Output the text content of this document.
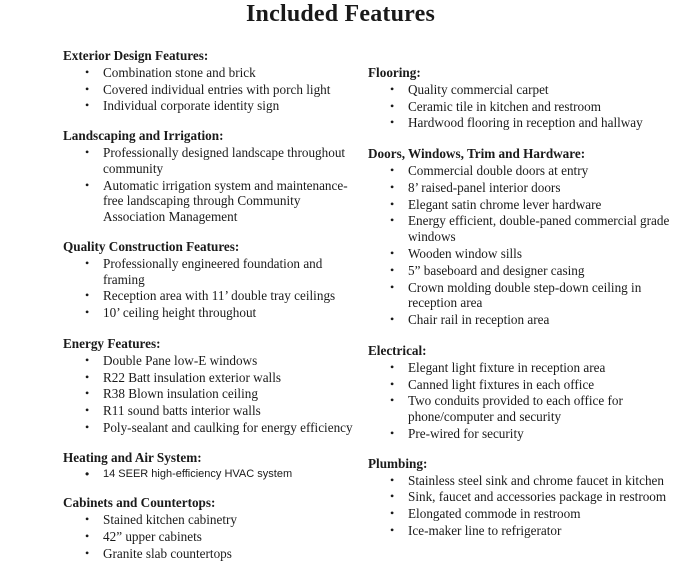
Included Features
Exterior Design Features:
• Combination stone and brick
• Covered individual entries with porch light
• Individual corporate identity sign
Landscaping and Irrigation:
• Professionally designed landscape throughout community
• Automatic irrigation system and maintenance-free landscaping through Community Association Management
Quality Construction Features:
• Professionally engineered foundation and framing
• Reception area with 11’ double tray ceilings
• 10’ ceiling height throughout
Energy Features:
• Double Pane low-E windows
• R22 Batt insulation exterior walls
• R38 Blown insulation ceiling
• R11 sound batts interior walls
• Poly-sealant and caulking for energy efficiency
Heating and Air System:
• 14 SEER high-efficiency HVAC system
Cabinets and Countertops:
• Stained kitchen cabinetry
• 42” upper cabinets
• Granite slab countertops
Flooring:
• Quality commercial carpet
• Ceramic tile in kitchen and restroom
• Hardwood flooring in reception and hallway
Doors, Windows, Trim and Hardware:
• Commercial double doors at entry
• 8’ raised-panel interior doors
• Elegant satin chrome lever hardware
• Energy efficient, double-paned commercial grade windows
• Wooden window sills
• 5” baseboard and designer casing
• Crown molding double step-down ceiling in reception area
• Chair rail in reception area
Electrical:
• Elegant light fixture in reception area
• Canned light fixtures in each office
• Two conduits provided to each office for phone/computer and security
• Pre-wired for security
Plumbing:
• Stainless steel sink and chrome faucet in kitchen
• Sink, faucet and accessories package in restroom
• Elongated commode in restroom
• Ice-maker line to refrigerator
